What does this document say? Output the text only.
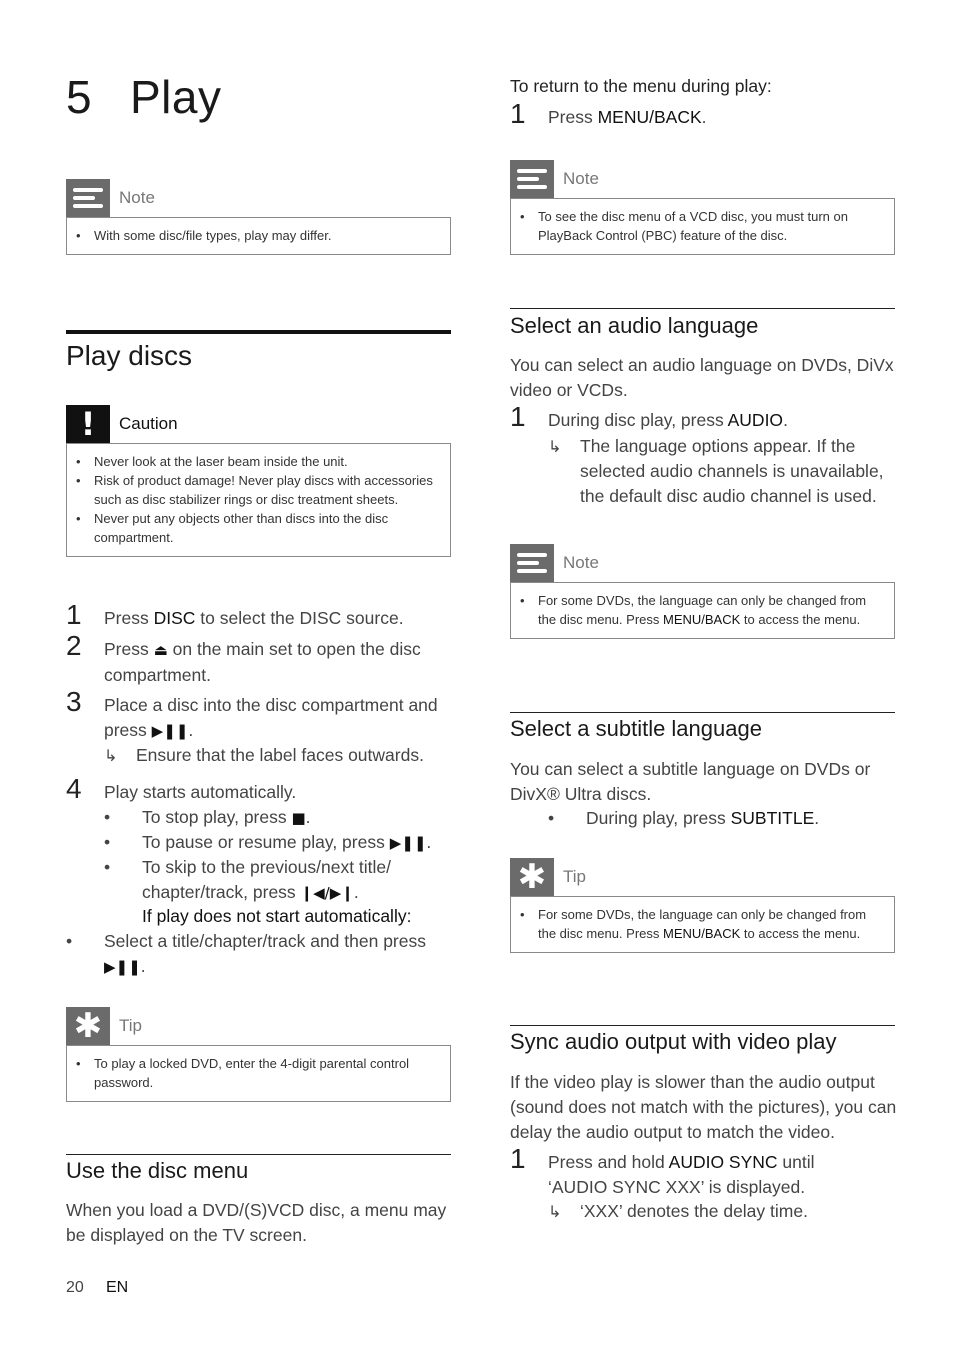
5 Play
Note
• With some disc/file types, play may differ.
Play discs
! Caution
• Never look at the laser beam inside the unit.
• Risk of product damage! Never play discs with accessories such as disc stabilizer rings or disc treatment sheets.
• Never put any objects other than discs into the disc compartment.
1 Press DISC to select the DISC source.
2 Press ⏏ on the main set to open the disc compartment.
3 Place a disc into the disc compartment and press ▶❚❚.
↳ Ensure that the label faces outwards.
4 Play starts automatically.
• To stop play, press ■.
• To pause or resume play, press ▶❚❚.
• To skip to the previous/next title/ chapter/track, press ❙◀/▶❙.
If play does not start automatically:
• Select a title/chapter/track and then press ▶❚❚.
✱ Tip
• To play a locked DVD, enter the 4-digit parental control password.
Use the disc menu
When you load a DVD/(S)VCD disc, a menu may be displayed on the TV screen.
To return to the menu during play:
1 Press MENU/BACK.
Note
• To see the disc menu of a VCD disc, you must turn on PlayBack Control (PBC) feature of the disc.
Select an audio language
You can select an audio language on DVDs, DiVx video or VCDs.
1 During disc play, press AUDIO.
↳ The language options appear. If the selected audio channels is unavailable, the default disc audio channel is used.
Note
• For some DVDs, the language can only be changed from the disc menu. Press MENU/BACK to access the menu.
Select a subtitle language
You can select a subtitle language on DVDs or DivX® Ultra discs.
• During play, press SUBTITLE.
✱ Tip
• For some DVDs, the language can only be changed from the disc menu. Press MENU/BACK to access the menu.
Sync audio output with video play
If the video play is slower than the audio output (sound does not match with the pictures), you can delay the audio output to match the video.
1 Press and hold AUDIO SYNC until ‘AUDIO SYNC XXX’ is displayed.
↳ ‘XXX’ denotes the delay time.
20 EN
